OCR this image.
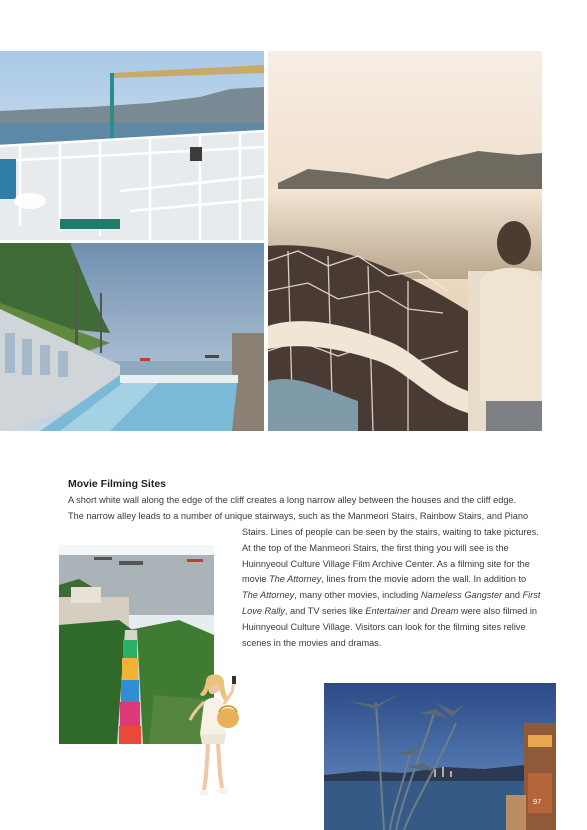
Movie Filming Sites

A short white wall along the edge of the cliff creates a long narrow alley between the houses and the cliff edge.
The narrow alley leads to a number of unique stairways, such as the Manmeori Stairs, Rainbow Stairs, and Piano

Stairs. Lines of people can be seen by the stairs, waiting to take pictures.
At the top of the Manmeori Stairs, the first thing you will see is the
Huinnyeoul Culture Village Film Archive Center. As a filming site for the
movie The Attorney, lines from the movie adorn the wall. In addition to
The Attorney, many other movies, including Nameless Gangster and First
Love Rally, and TV series like Entertainer and Dream were also filmed in
Huinnyeoul Culture Village. Visitors can look for the filming sites relive
scenes in the movies and dramas.

97
